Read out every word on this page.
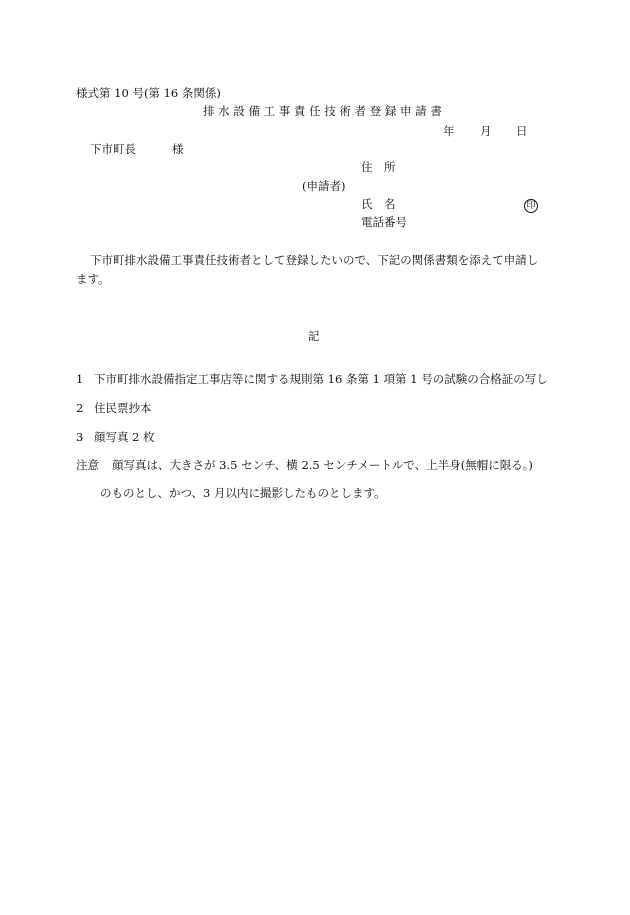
様式第 10 号(第 16 条関係)
排 水 設 備 工 事 責 任 技 術 者 登 録 申 請 書
年 月 日
下市町長	様
住　所
(申請者)
氏　名	印
電話番号
下市町排水設備工事責任技術者として登録したいので、下記の関係書類を添えて申請し
ます。
記
1 下市町排水設備指定工事店等に関する規則第 16 条第 1 項第 1 号の試験の合格証の写し
2 住民票抄本
3 顔写真 2 枚
注意 顔写真は、大きさが 3.5 センチ、横 2.5 センチメートルで、上半身(無帽に限る。)
のものとし、かつ、3 月以内に撮影したものとします。
